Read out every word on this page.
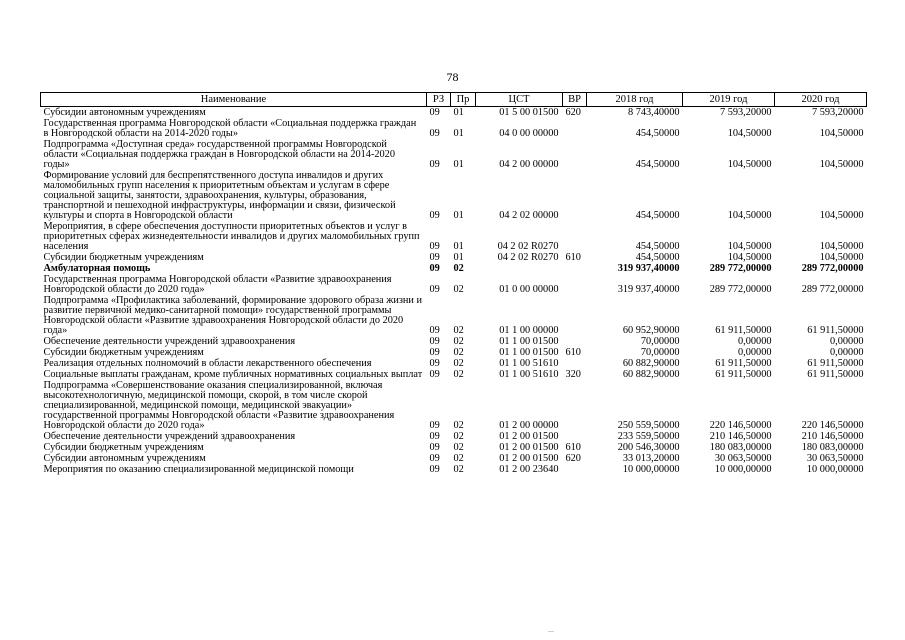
78
Наименование	РЗ	Пр	ЦСТ	ВР	2018 год	2019 год	2020 год
Субсидии автономным учреждениям	09	01	01 5 00 01500	620	8 743,40000	7 593,20000	7 593,20000
Государственная программа Новгородской области «Социальная поддержка граждан в Новгородской области на 2014-2020 годы»	09	01	04 0 00 00000		454,50000	104,50000	104,50000
Подпрограмма «Доступная среда» государственной программы Новгородской области «Социальная поддержка граждан в Новгородской области на 2014-2020 годы»	09	01	04 2 00 00000		454,50000	104,50000	104,50000
Формирование условий для беспрепятственного доступа инвалидов и других маломобильных групп населения к приоритетным объектам и услугам в сфере социальной защиты, занятости, здравоохранения, культуры, образования, транспортной и пешеходной инфраструктуры, информации и связи, физической культуры и спорта в Новгородской области	09	01	04 2 02 00000		454,50000	104,50000	104,50000
Мероприятия, в сфере обеспечения доступности приоритетных объектов и услуг в приоритетных сферах жизнедеятельности инвалидов и других маломобильных групп населения	09	01	04 2 02 R0270		454,50000	104,50000	104,50000
Субсидии бюджетным учреждениям	09	01	04 2 02 R0270	610	454,50000	104,50000	104,50000
Амбулаторная помощь	09	02			319 937,40000	289 772,00000	289 772,00000
Государственная программа Новгородской области «Развитие здравоохранения Новгородской области до 2020 года»	09	02	01 0 00 00000		319 937,40000	289 772,00000	289 772,00000
Подпрограмма «Профилактика заболеваний, формирование здорового образа жизни и развитие первичной медико-санитарной помощи» государственной программы Новгородской области «Развитие здравоохранения Новгородской области до 2020 года»	09	02	01 1 00 00000		60 952,90000	61 911,50000	61 911,50000
Обеспечение деятельности учреждений здравоохранения	09	02	01 1 00 01500		70,00000	0,00000	0,00000
Субсидии бюджетным учреждениям	09	02	01 1 00 01500	610	70,00000	0,00000	0,00000
Реализация отдельных полномочий в области лекарственного обеспечения	09	02	01 1 00 51610		60 882,90000	61 911,50000	61 911,50000
Социальные выплаты гражданам, кроме публичных нормативных социальных выплат	09	02	01 1 00 51610	320	60 882,90000	61 911,50000	61 911,50000
Подпрограмма «Совершенствование оказания специализированной, включая высокотехнологичную, медицинской помощи, скорой, в том числе скорой специализированной, медицинской помощи, медицинской эвакуации» государственной программы Новгородской области «Развитие здравоохранения Новгородской области до 2020 года»	09	02	01 2 00 00000		250 559,50000	220 146,50000	220 146,50000
Обеспечение деятельности учреждений здравоохранения	09	02	01 2 00 01500		233 559,50000	210 146,50000	210 146,50000
Субсидии бюджетным учреждениям	09	02	01 2 00 01500	610	200 546,30000	180 083,00000	180 083,00000
Субсидии автономным учреждениям	09	02	01 2 00 01500	620	33 013,20000	30 063,50000	30 063,50000
Мероприятия по оказанию специализированной медицинской помощи	09	02	01 2 00 23640		10 000,00000	10 000,00000	10 000,00000
